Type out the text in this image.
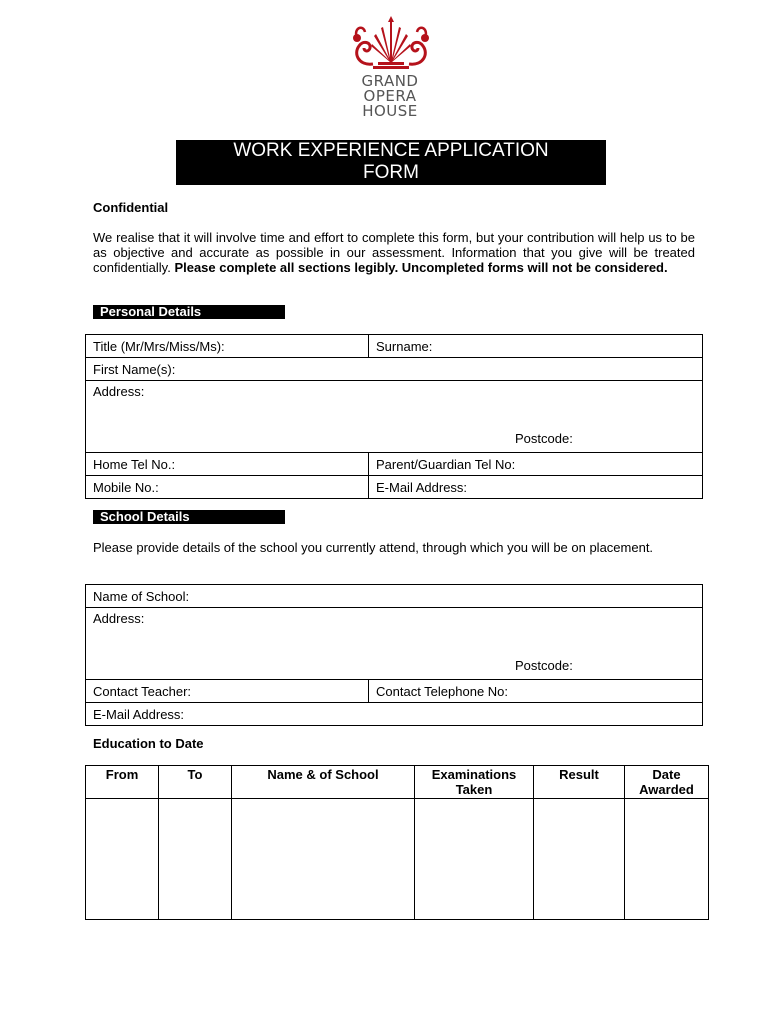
GRAND
OPERA
HOUSE
WORK EXPERIENCE APPLICATION
FORM
Confidential
We realise that it will involve time and effort to complete this form, but your contribution will help us to be as objective and accurate as possible in our assessment. Information that you give will be treated confidentially. Please complete all sections legibly. Uncompleted forms will not be considered.
Personal Details
Title (Mr/Mrs/Miss/Ms):	Surname:
First Name(s):	
Address:
Postcode:	

Home Tel No.:	Parent/Guardian Tel No:
Mobile No.:	E-Mail Address:
School Details
Please provide details of the school you currently attend, through which you will be on placement.
Name of School:
Address:
Postcode:

Contact Teacher:	Contact Telephone No:
E-Mail Address:
Education to Date
From	To	Name & of School	Examinations Taken	Result	Date Awarded
